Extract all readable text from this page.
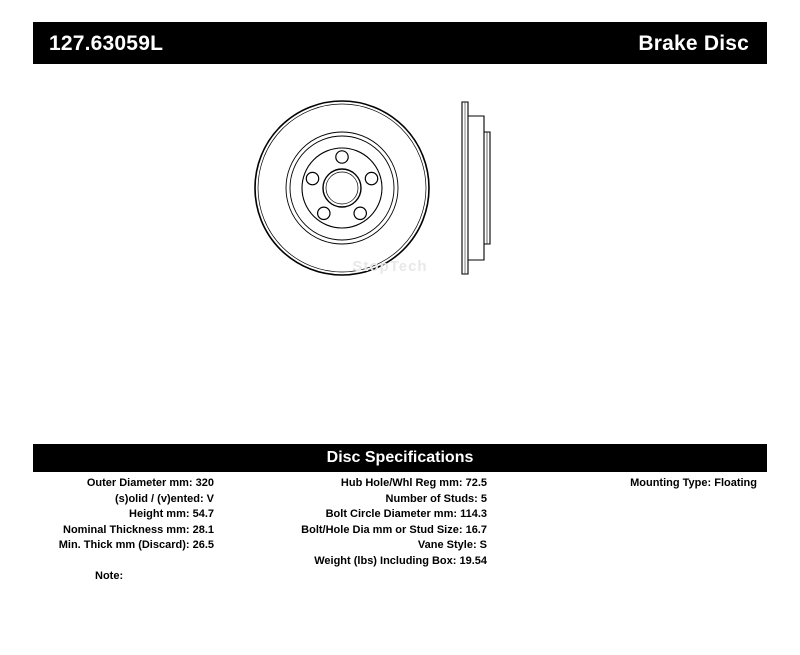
127.63059L	Brake Disc
StopTech
Disc Specifications
Outer Diameter mm: 320
(s)olid / (v)ented: V
Height mm: 54.7
Nominal Thickness mm: 28.1
Min. Thick mm (Discard): 26.5
Hub Hole/Whl Reg mm: 72.5
Number of Studs: 5
Bolt Circle Diameter mm: 114.3
Bolt/Hole Dia mm or Stud Size: 16.7
Vane Style: S
Weight (lbs) Including Box: 19.54
Mounting Type: Floating
Note:
